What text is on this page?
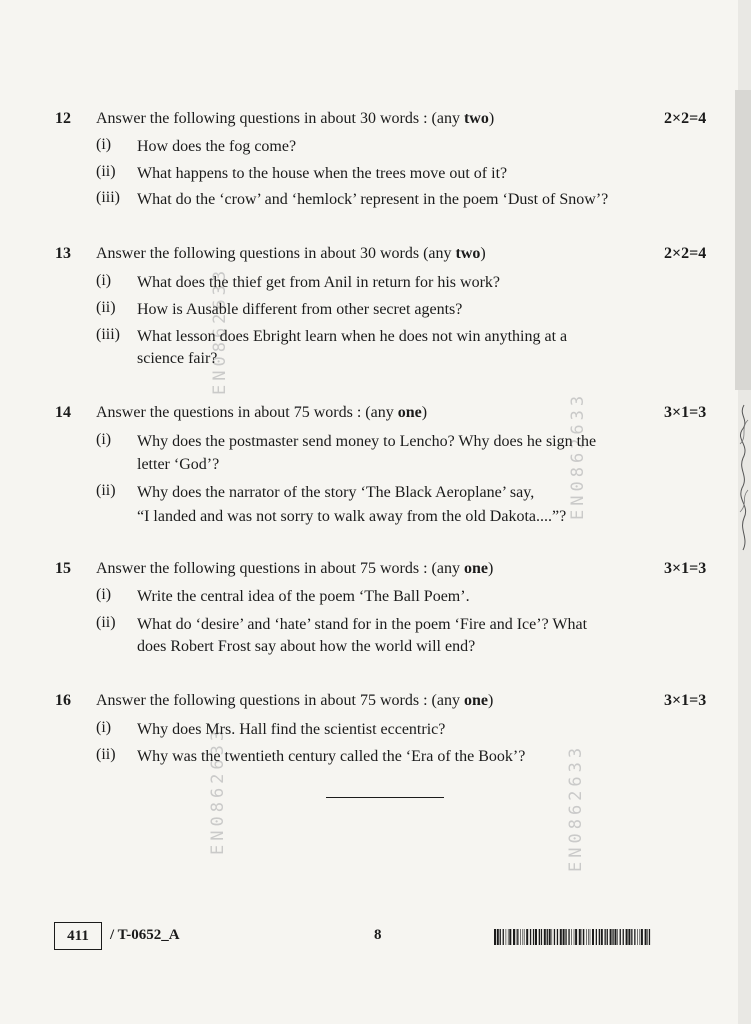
EN0862633
EN0862633
EN0862633	EN0862633
12 Answer the following questions in about 30 words : (any two)	2×2=4
(i) How does the fog come?
(ii) What happens to the house when the trees move out of it?
(iii) What do the ‘crow’ and ‘hemlock’ represent in the poem ‘Dust of Snow’?
13 Answer the following questions in about 30 words (any two)	2×2=4
(i) What does the thief get from Anil in return for his work?
(ii) How is Ausable different from other secret agents?
(iii) What lesson does Ebright learn when he does not win anything at a
science fair?
14 Answer the questions in about 75 words : (any one)	3×1=3
(i) Why does the postmaster send money to Lencho? Why does he sign the
letter ‘God’?
(ii) Why does the narrator of the story ‘The Black Aeroplane’ say,
“I landed and was not sorry to walk away from the old Dakota....”?
15 Answer the following questions in about 75 words : (any one)	3×1=3
(i) Write the central idea of the poem ‘The Ball Poem’.
(ii) What do ‘desire’ and ‘hate’ stand for in the poem ‘Fire and Ice’? What
does Robert Frost say about how the world will end?
16 Answer the following questions in about 75 words : (any one)	3×1=3
(i) Why does Mrs. Hall find the scientist eccentric?
(ii) Why was the twentieth century called the ‘Era of the Book’?
411	/ T-0652_A	8
